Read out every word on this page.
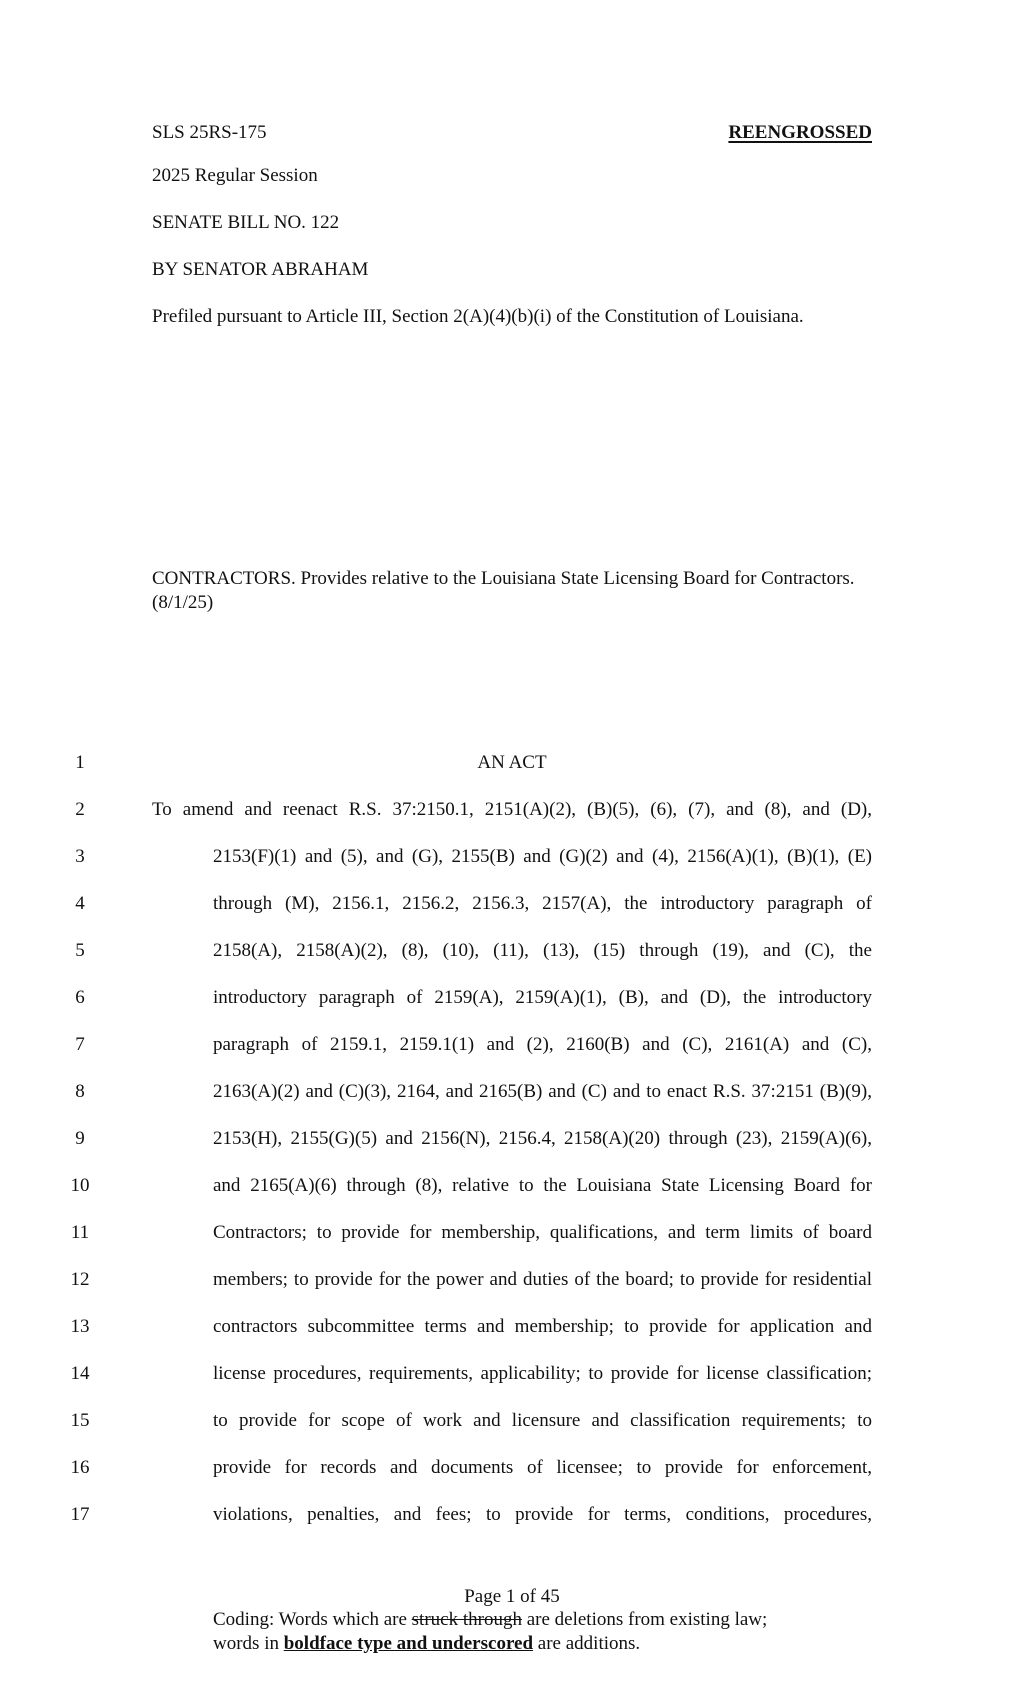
SLS 25RS-175	REENGROSSED
2025 Regular Session
SENATE BILL NO. 122
BY SENATOR ABRAHAM
Prefiled pursuant to Article III, Section 2(A)(4)(b)(i) of the Constitution of Louisiana.
CONTRACTORS. Provides relative to the Louisiana State Licensing Board for Contractors.
(8/1/25)
1	AN ACT
2	To amend and reenact R.S. 37:2150.1, 2151(A)(2), (B)(5), (6), (7), and (8), and (D),
3	2153(F)(1) and (5), and (G), 2155(B) and (G)(2) and (4), 2156(A)(1), (B)(1), (E)
4	through (M), 2156.1, 2156.2, 2156.3, 2157(A), the introductory paragraph of
5	2158(A), 2158(A)(2), (8), (10), (11), (13), (15) through (19), and (C), the
6	introductory paragraph of 2159(A), 2159(A)(1), (B), and (D), the introductory
7	paragraph of 2159.1, 2159.1(1) and (2), 2160(B) and (C), 2161(A) and (C),
8	2163(A)(2) and (C)(3), 2164, and 2165(B) and (C) and to enact R.S. 37:2151 (B)(9),
9	2153(H), 2155(G)(5) and 2156(N), 2156.4, 2158(A)(20) through (23), 2159(A)(6),
10	and 2165(A)(6) through (8), relative to the Louisiana State Licensing Board for
11	Contractors; to provide for membership, qualifications, and term limits of board
12	members; to provide for the power and duties of the board; to provide for residential
13	contractors subcommittee terms and membership; to provide for application and
14	license procedures, requirements, applicability; to provide for license classification;
15	to provide for scope of work and licensure and classification requirements; to
16	provide for records and documents of licensee; to provide for enforcement,
17	violations, penalties, and fees; to provide for terms, conditions, procedures,
Page 1 of 45
Coding: Words which are struck through are deletions from existing law;
words in boldface type and underscored are additions.
